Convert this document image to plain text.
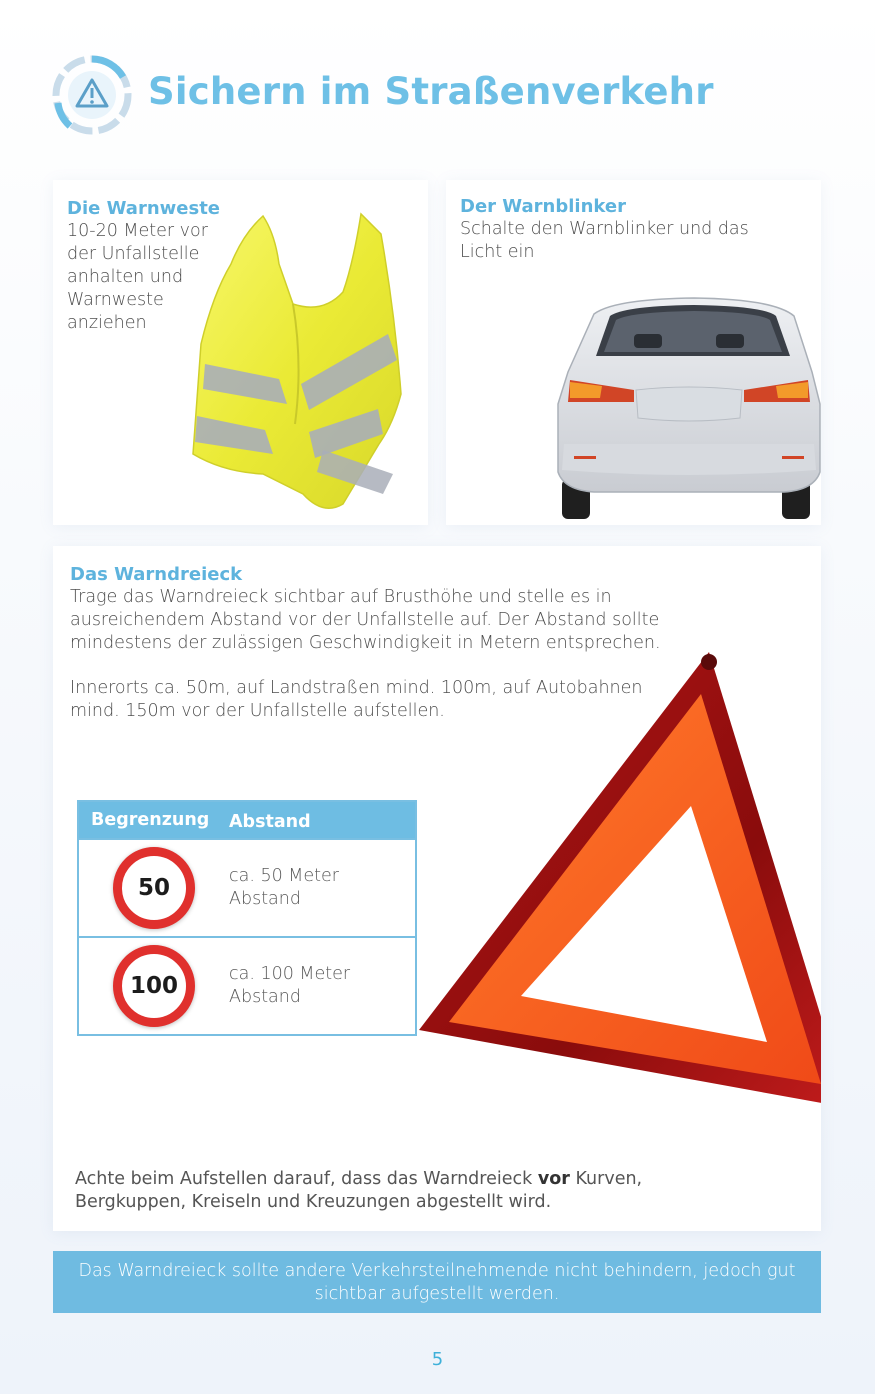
Sichern im Straßenverkehr
Die Warnweste
10-20 Meter vor der Unfallstelle anhalten und Warnweste anziehen
Der Warnblinker
Schalte den Warnblinker und das Licht ein
Das Warndreieck
Trage das Warndreieck sichtbar auf Brusthöhe und stelle es in ausreichendem Abstand vor der Unfallstelle auf. Der Abstand sollte mindestens der zulässigen Geschwindigkeit in Metern entsprechen.
Innerorts ca. 50m, auf Landstraßen mind. 100m, auf Autobahnen mind. 150m vor der Unfallstelle aufstellen.
Begrenzung	Abstand
50	ca. 50 Meter Abstand
100	ca. 100 Meter Abstand
Achte beim Aufstellen darauf, dass das Warndreieck vor Kurven, Bergkuppen, Kreiseln und Kreuzungen abgestellt wird.
Das Warndreieck sollte andere Verkehrsteilnehmende nicht behindern, jedoch gut sichtbar aufgestellt werden.
5
